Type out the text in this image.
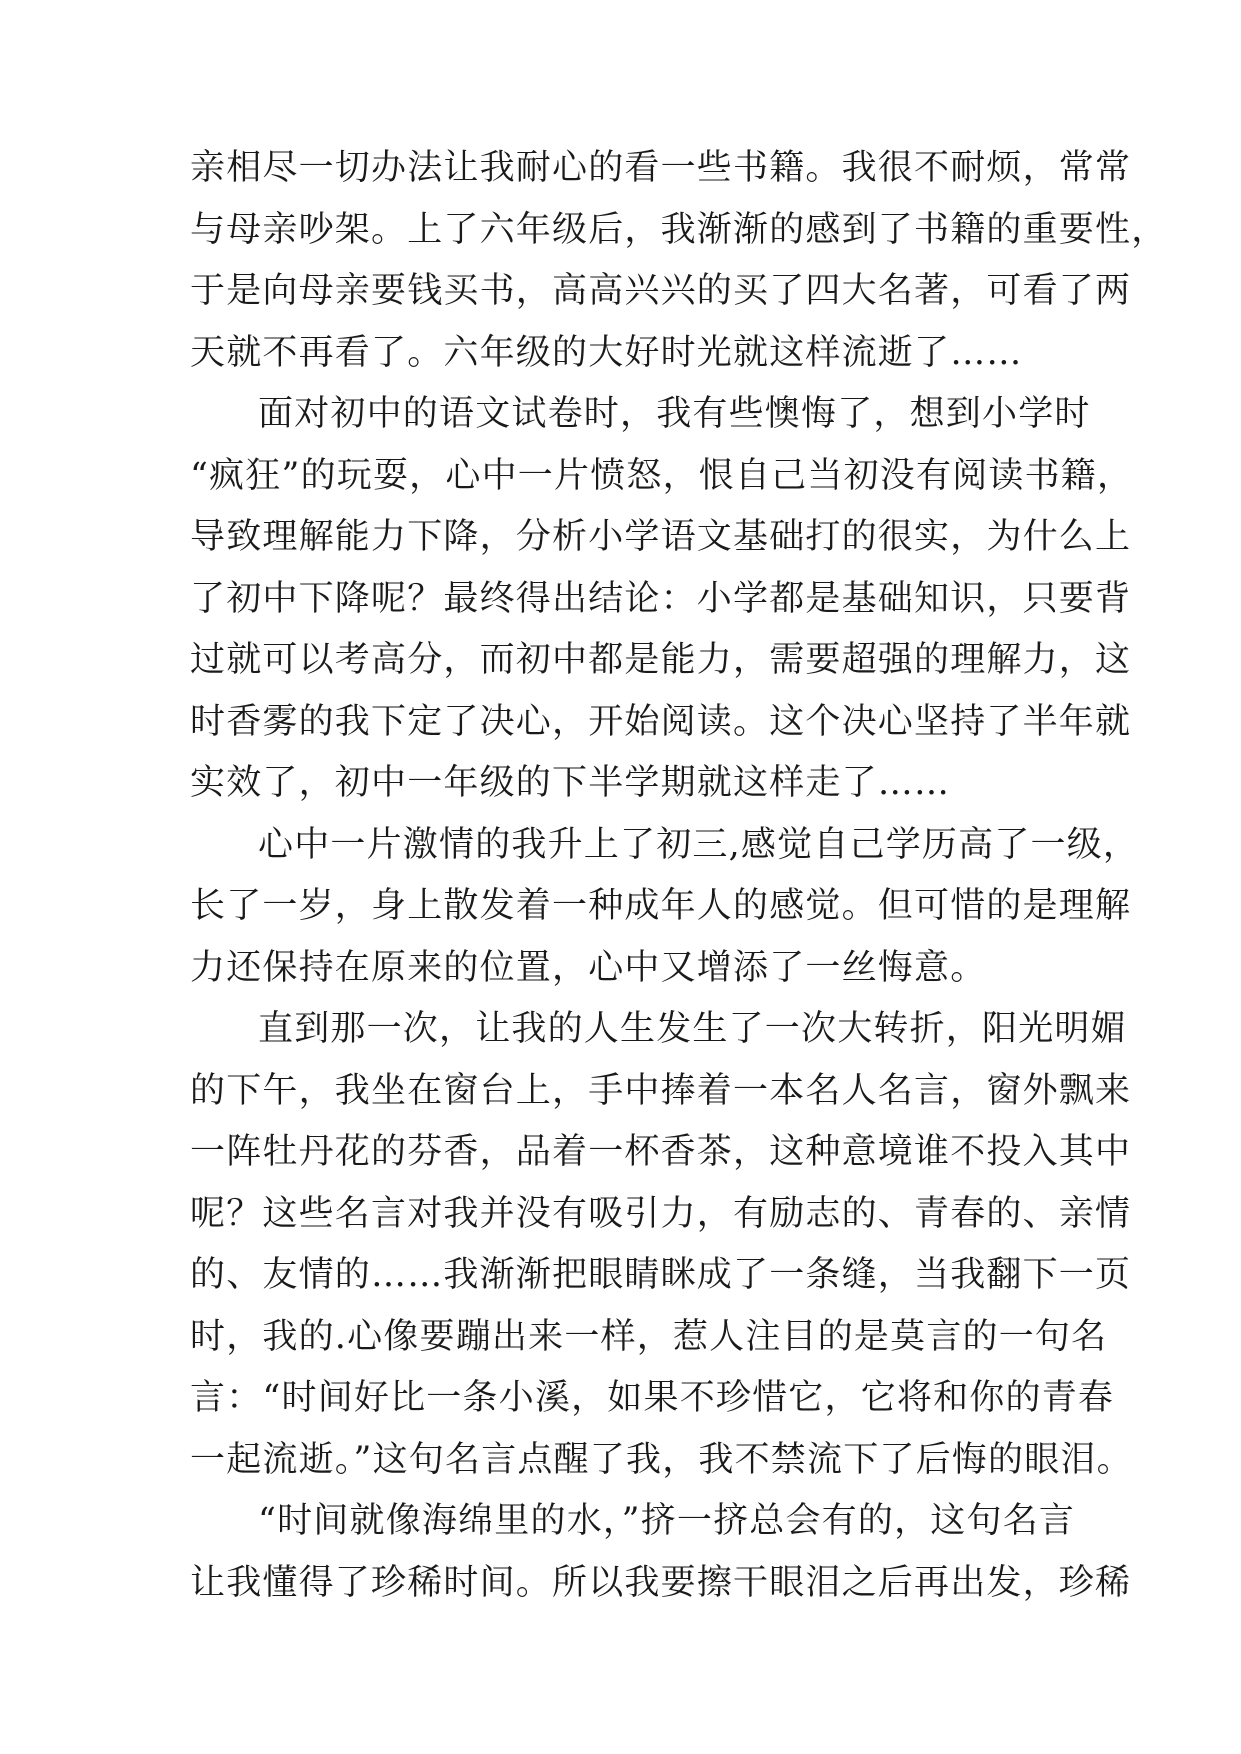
亲相尽一切办法让我耐心的看一些书籍。我很不耐烦，常常
与母亲吵架。上了六年级后，我渐渐的感到了书籍的重要性，
于是向母亲要钱买书，高高兴兴的买了四大名著，可看了两
天就不再看了。六年级的大好时光就这样流逝了……
面对初中的语文试卷时，我有些懊悔了，想到小学时
“疯狂”的玩耍，心中一片愤怒，恨自己当初没有阅读书籍，
导致理解能力下降，分析小学语文基础打的很实，为什么上
了初中下降呢？最终得出结论：小学都是基础知识，只要背
过就可以考高分，而初中都是能力，需要超强的理解力，这
时香雾的我下定了决心，开始阅读。这个决心坚持了半年就
实效了，初中一年级的下半学期就这样走了……
心中一片激情的我升上了初三,感觉自己学历高了一级，
长了一岁，身上散发着一种成年人的感觉。但可惜的是理解
力还保持在原来的位置，心中又增添了一丝悔意。
直到那一次，让我的人生发生了一次大转折，阳光明媚
的下午，我坐在窗台上，手中捧着一本名人名言，窗外飘来
一阵牡丹花的芬香，品着一杯香茶，这种意境谁不投入其中
呢？这些名言对我并没有吸引力，有励志的、青春的、亲情
的、友情的……我渐渐把眼睛眯成了一条缝，当我翻下一页
时，我的.心像要蹦出来一样，惹人注目的是莫言的一句名
言：“时间好比一条小溪，如果不珍惜它，它将和你的青春
一起流逝。”这句名言点醒了我，我不禁流下了后悔的眼泪。
“时间就像海绵里的水，”挤一挤总会有的，这句名言
让我懂得了珍稀时间。所以我要擦干眼泪之后再出发，珍稀
